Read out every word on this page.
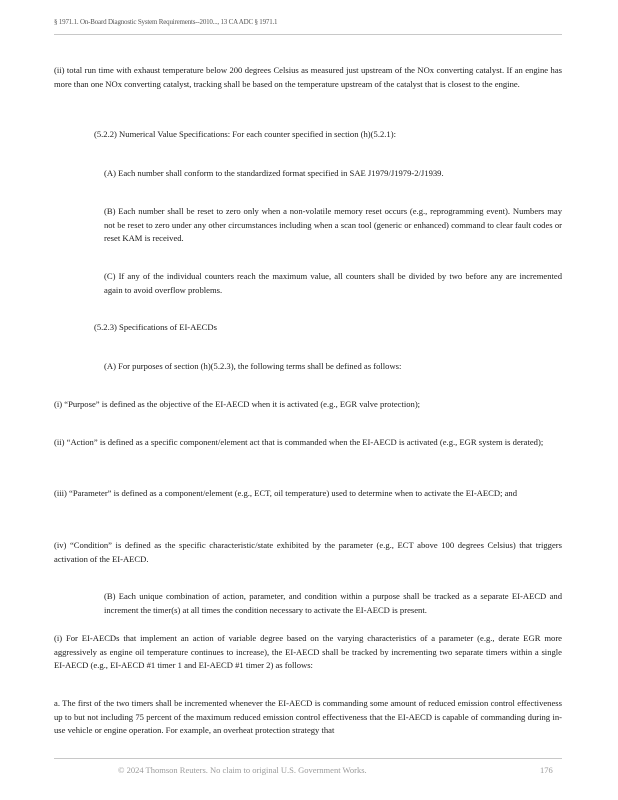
§ 1971.1. On-Board Diagnostic System Requirements--2010..., 13 CA ADC § 1971.1
(ii) total run time with exhaust temperature below 200 degrees Celsius as measured just upstream of the NOx converting catalyst. If an engine has more than one NOx converting catalyst, tracking shall be based on the temperature upstream of the catalyst that is closest to the engine.
(5.2.2) Numerical Value Specifications: For each counter specified in section (h)(5.2.1):
(A) Each number shall conform to the standardized format specified in SAE J1979/J1979-2/J1939.
(B) Each number shall be reset to zero only when a non-volatile memory reset occurs (e.g., reprogramming event). Numbers may not be reset to zero under any other circumstances including when a scan tool (generic or enhanced) command to clear fault codes or reset KAM is received.
(C) If any of the individual counters reach the maximum value, all counters shall be divided by two before any are incremented again to avoid overflow problems.
(5.2.3) Specifications of EI-AECDs
(A) For purposes of section (h)(5.2.3), the following terms shall be defined as follows:
(i) “Purpose” is defined as the objective of the EI-AECD when it is activated (e.g., EGR valve protection);
(ii) “Action” is defined as a specific component/element act that is commanded when the EI-AECD is activated (e.g., EGR system is derated);
(iii) “Parameter” is defined as a component/element (e.g., ECT, oil temperature) used to determine when to activate the EI-AECD; and
(iv) “Condition” is defined as the specific characteristic/state exhibited by the parameter (e.g., ECT above 100 degrees Celsius) that triggers activation of the EI-AECD.
(B) Each unique combination of action, parameter, and condition within a purpose shall be tracked as a separate EI-AECD and increment the timer(s) at all times the condition necessary to activate the EI-AECD is present.
(i) For EI-AECDs that implement an action of variable degree based on the varying characteristics of a parameter (e.g., derate EGR more aggressively as engine oil temperature continues to increase), the EI-AECD shall be tracked by incrementing two separate timers within a single EI-AECD (e.g., EI-AECD #1 timer 1 and EI-AECD #1 timer 2) as follows:
a. The first of the two timers shall be incremented whenever the EI-AECD is commanding some amount of reduced emission control effectiveness up to but not including 75 percent of the maximum reduced emission control effectiveness that the EI-AECD is capable of commanding during in-use vehicle or engine operation. For example, an overheat protection strategy that
© 2024 Thomson Reuters. No claim to original U.S. Government Works.	176
